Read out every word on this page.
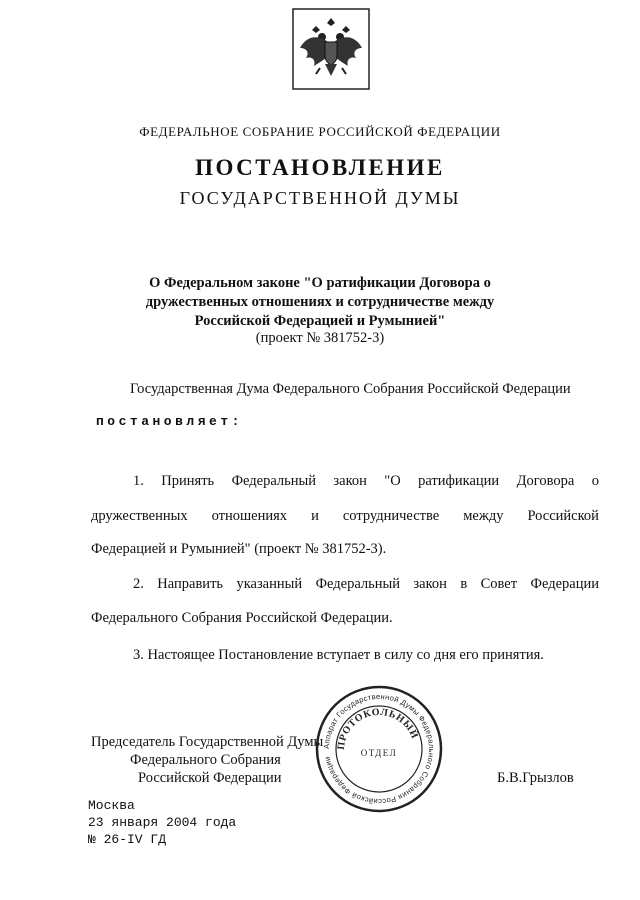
ФЕДЕРАЛЬНОЕ СОБРАНИЕ РОССИЙСКОЙ ФЕДЕРАЦИИ
ПОСТАНОВЛЕНИЕ
ГОСУДАРСТВЕННОЙ ДУМЫ
О Федеральном законе "О ратификации Договора о
дружественных отношениях и сотрудничестве между
Российской Федерацией и Румынией"
(проект № 381752-3)
Государственная Дума Федерального Собрания Российской Федерации
постановляет:
1. Принять Федеральный закон "О ратификации Договора о
дружественных отношениях и сотрудничестве между Российской
Федерацией и Румынией" (проект № 381752-3).
2. Направить указанный Федеральный закон в Совет Федерации
Федерального Собрания Российской Федерации.
3. Настоящее Постановление вступает в силу со дня его принятия.
Председатель Государственной Думы
Федерального Собрания
Российской Федерации	Б.В.Грызлов
Аппарат Государственной Думы Федерального Собрания Российской Федерации
ПРОТОКОЛЬНЫЙ
ОТДЕЛ
Москва
23 января 2004 года
№ 26-IV ГД
